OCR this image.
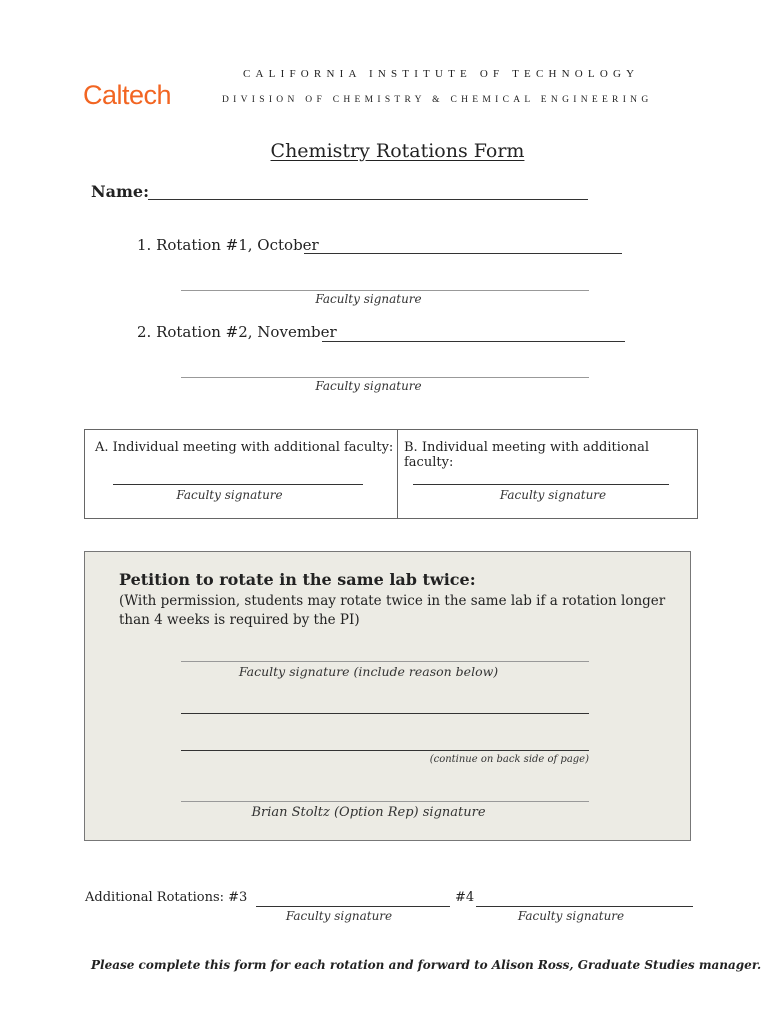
Caltech
CALIFORNIA INSTITUTE OF TECHNOLOGY
DIVISION OF CHEMISTRY & CHEMICAL ENGINEERING
Chemistry Rotations Form
Name:
1. Rotation #1, October
Faculty signature
2. Rotation #2, November
Faculty signature
A. Individual meeting with additional faculty:
Faculty signature
B. Individual meeting with additional faculty:
Faculty signature
Petition to rotate in the same lab twice:
(With permission, students may rotate twice in the same lab if a rotation longer than 4 weeks is required by the PI)
Faculty signature (include reason below)
(continue on back side of page)
Brian Stoltz (Option Rep) signature
Additional Rotations: #3	#4
Faculty signature	Faculty signature
Please complete this form for each rotation and forward to Alison Ross, Graduate Studies manager.
